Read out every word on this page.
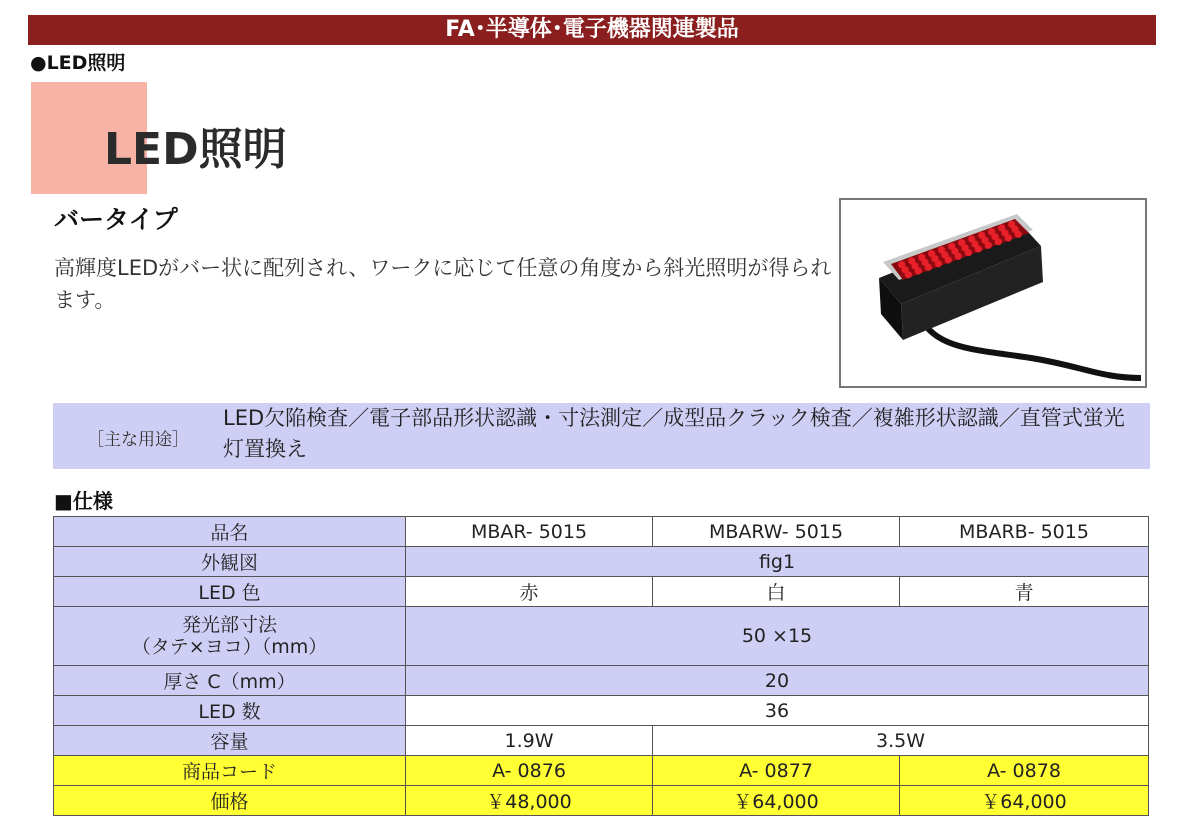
FA･半導体･電子機器関連製品
●LED照明
LED照明
バータイプ
高輝度LEDがバー状に配列され、ワークに応じて任意の角度から斜光照明が得られます。
［主な用途］
LED欠陥検査／電子部品形状認識・寸法測定／成型品クラック検査／複雑形状認識／直管式蛍光灯置換え
■仕様
品名	MBAR- 5015	MBARW- 5015	MBARB- 5015
外観図	fig1		
LED 色	赤	白	青

発光部寸法
（タテ×ヨコ）（mm）	50 ×15		
厚さ C（mm）	20		
LED 数	36		
容量	1.9W	3.5W	
商品コード	A- 0876	A- 0877	A- 0878
価格	￥48,000	￥64,000	￥64,000
